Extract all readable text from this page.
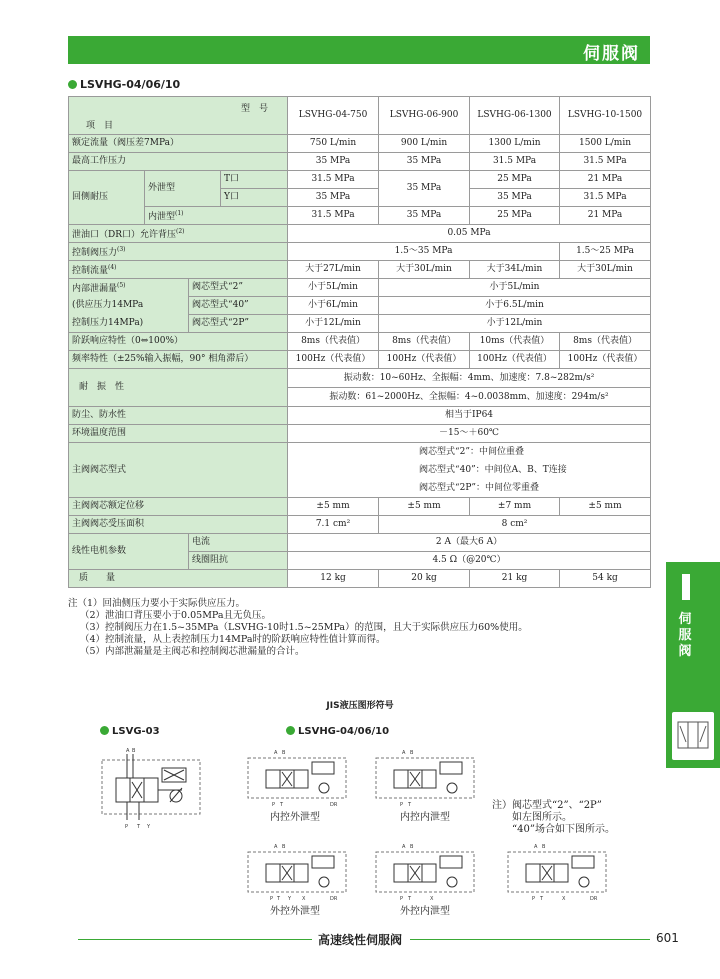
伺服阀
LSVHG-04/06/10
型　号
项　目				LSVHG-04-750	LSVHG-06-900	LSVHG-06-1300	LSVHG-10-1500
额定流量（阀压差7MPa）				750 L/min	900 L/min	1300 L/min	1500 L/min
最高工作压力				35 MPa	35 MPa	31.5 MPa	31.5 MPa
回侧耐压	外泄型		T口	31.5 MPa	35 MPa	25 MPa	21 MPa
			Y口	35 MPa		35 MPa	31.5 MPa
	内泄型$^{(1)}$			31.5 MPa	35 MPa	25 MPa	21 MPa
泄油口（DR口）允许背压$^{(2)}$				0.05 MPa			
控制阀压力$^{(3)}$				1.5～35 MPa			1.5～25 MPa
控制流量$^{(4)}$				大于27L/min	大于30L/min	大于34L/min	大于30L/min
内部泄漏量$^{(5)}$		阀芯型式“2”		小于5L/min	小于5L/min		
(供应压力14MPa		阀芯型式“40”		小于6L/min	小于6.5L/min		
控制压力14MPa)		阀芯型式“2P”		小于12L/min	小于12L/min		
阶跃响应特性（0⇔100%）				8ms（代表值）	8ms（代表值）	10ms（代表值）	8ms（代表值）
频率特性（±25%输入振幅，90° 相角滞后）				100Hz（代表值）	100Hz（代表值）	100Hz（代表值）	100Hz（代表值）
耐　振　性				振动数：10~60Hz、全振幅：4mm、加速度：7.8~282m/s²			
				振动数：61~2000Hz、全振幅：4~0.0038mm、加速度：294m/s²			
防尘、防水性				相当于IP64			
环境温度范围				－15～＋60℃			
主阀阀芯型式				阀芯型式“2”：中间位重叠
阀芯型式“40”：中间位A、B、T连接
阀芯型式“2P”：中间位零重叠			

主阀阀芯额定位移				±5 mm	±5 mm	±7 mm	±5 mm
主阀阀芯受压面积				7.1 cm²	8 cm²		
线性电机参数		电流		2 A（最大6 A）			
		线圈阻抗		4.5 Ω（@20℃）			
质　　量				12 kg	20 kg	21 kg	54 kg
注（1）回油侧压力要小于实际供应压力。
（2）泄油口背压要小于0.05MPa且无负压。
（3）控制阀压力在1.5~35MPa（LSVHG-10时1.5~25MPa）的范围，且大于实际供应压力60%使用。
（4）控制流量，从上表控制压力14MPa时的阶跃响应特性值计算而得。
（5）内部泄漏量是主阀芯和控制阀芯泄漏量的合计。
伺
服
阀
JIS液压图形符号
LSVG-03	LSVHG-04/06/10
A B
P T Y
A B
P T	DR
内控外泄型
A B
P T
内控内泄型
A B
P T Y X	DR
外控外泄型
A B
P T	X
外控内泄型
注）阀芯型式“2”、“2P”
如左图所示。
“40”场合如下图所示。
A B
P T	X	DR
高速线性伺服阀	601
